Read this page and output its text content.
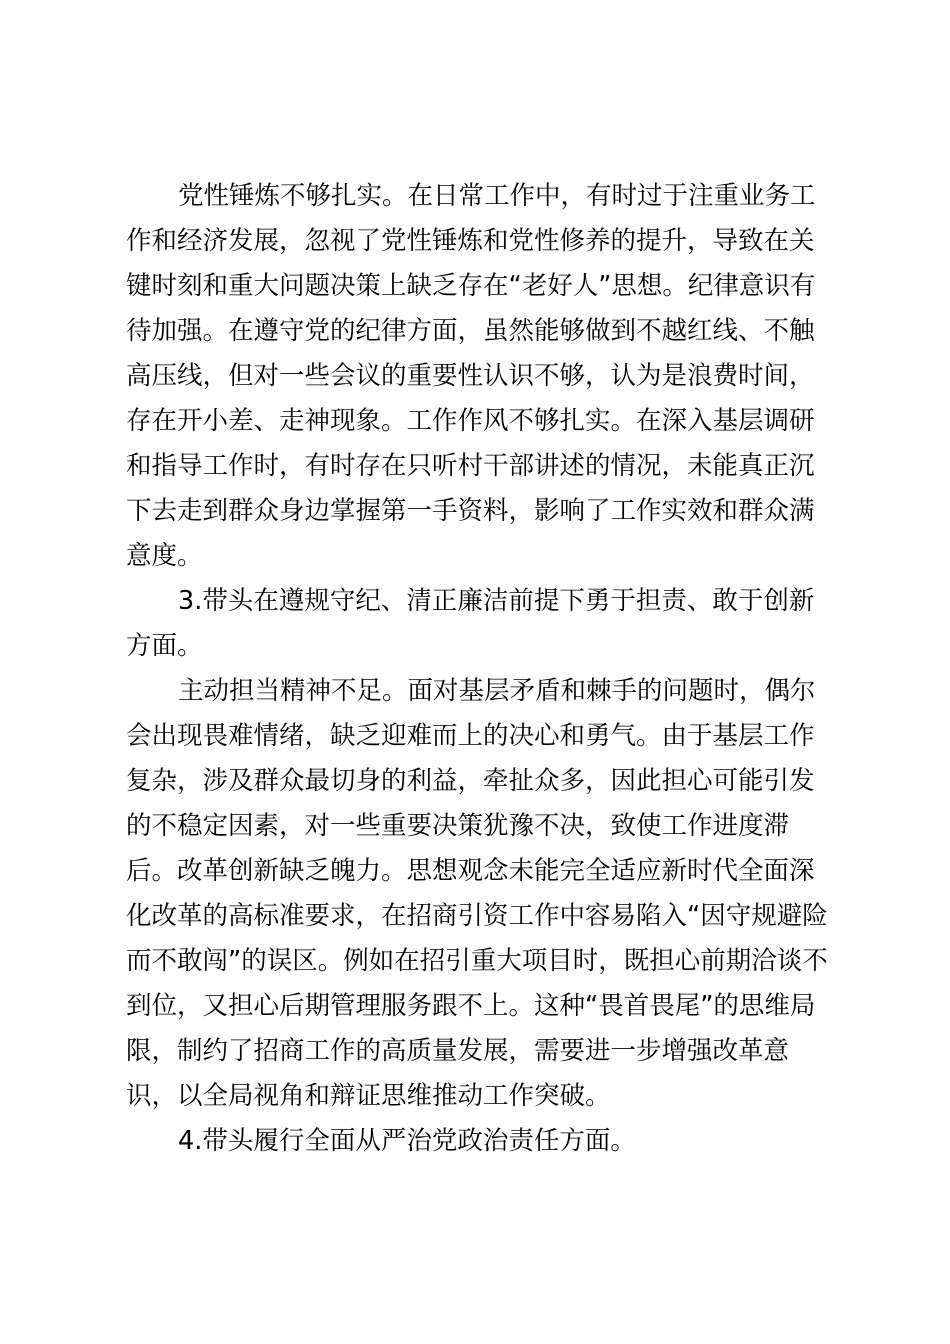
党性锤炼不够扎实。在日常工作中，有时过于注重业务工
作和经济发展，忽视了党性锤炼和党性修养的提升，导致在关
键时刻和重大问题决策上缺乏存在“老好人”思想。纪律意识有
待加强。在遵守党的纪律方面，虽然能够做到不越红线、不触
高压线，但对一些会议的重要性认识不够，认为是浪费时间，
存在开小差、走神现象。工作作风不够扎实。在深入基层调研
和指导工作时，有时存在只听村干部讲述的情况，未能真正沉
下去走到群众身边掌握第一手资料，影响了工作实效和群众满
意度。
3.带头在遵规守纪、清正廉洁前提下勇于担责、敢于创新
方面。
主动担当精神不足。面对基层矛盾和棘手的问题时，偶尔
会出现畏难情绪，缺乏迎难而上的决心和勇气。由于基层工作
复杂，涉及群众最切身的利益，牵扯众多，因此担心可能引发
的不稳定因素，对一些重要决策犹豫不决，致使工作进度滞
后。改革创新缺乏魄力。思想观念未能完全适应新时代全面深
化改革的高标准要求，在招商引资工作中容易陷入“因守规避险
而不敢闯”的误区。例如在招引重大项目时，既担心前期洽谈不
到位，又担心后期管理服务跟不上。这种“畏首畏尾”的思维局
限，制约了招商工作的高质量发展，需要进一步增强改革意
识，以全局视角和辩证思维推动工作突破。
4.带头履行全面从严治党政治责任方面。
